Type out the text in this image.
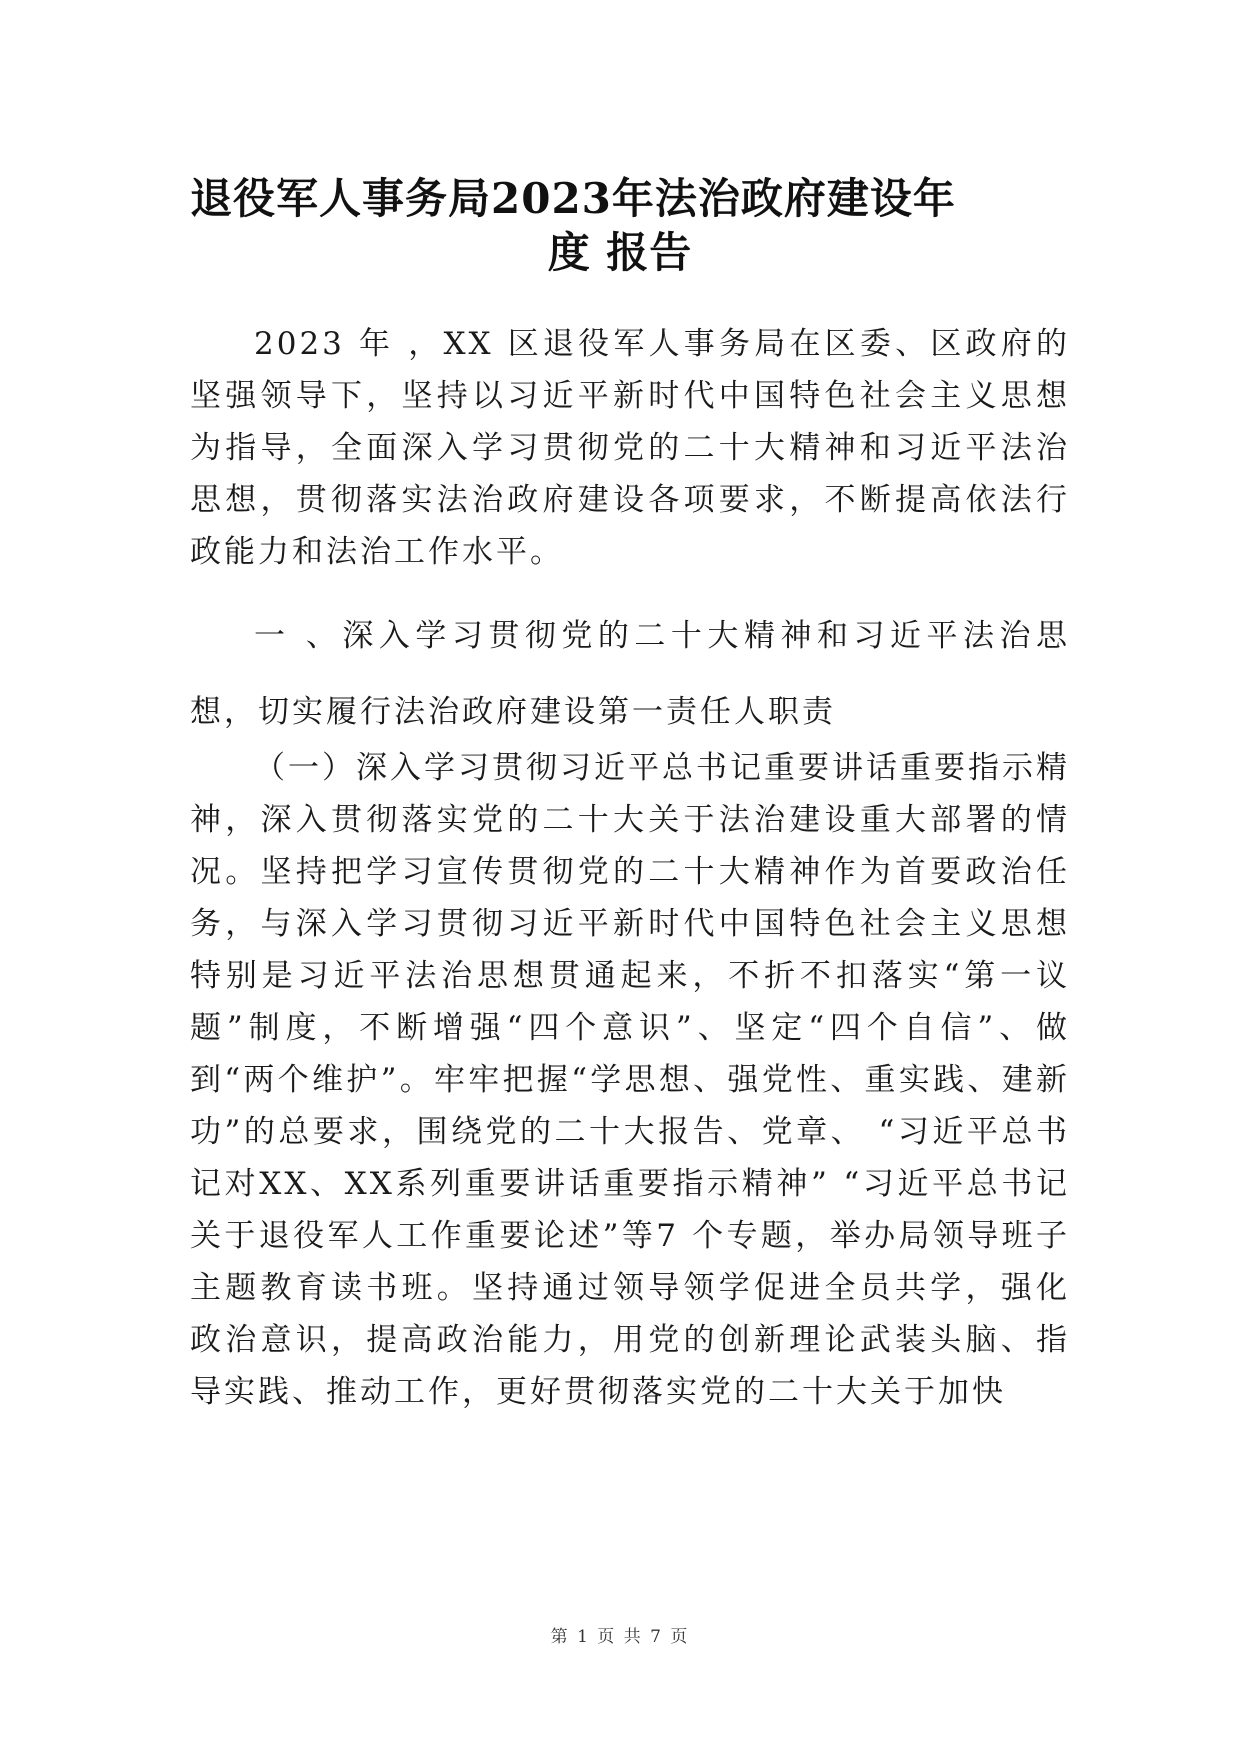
退役军人事务局2023年法治政府建设年
度 报告

2023 年 ，XX 区退役军人事务局在区委、区政府的坚强领导下，坚持以习近平新时代中国特色社会主义思想为指导，全面深入学习贯彻党的二十大精神和习近平法治思想，贯彻落实法治政府建设各项要求，不断提高依法行政能力和法治工作水平。

一 、深入学习贯彻党的二十大精神和习近平法治思想，切实履行法治政府建设第一责任人职责

（一）深入学习贯彻习近平总书记重要讲话重要指示精神，深入贯彻落实党的二十大关于法治建设重大部署的情况。坚持把学习宣传贯彻党的二十大精神作为首要政治任务，与深入学习贯彻习近平新时代中国特色社会主义思想特别是习近平法治思想贯通起来，不折不扣落实“第一议题”制度，不断增强“四个意识”、坚定“四个自信”、做到“两个维护”。牢牢把握“学思想、强党性、重实践、建新功”的总要求，围绕党的二十大报告、党章、 “习近平总书记对XX、XX系列重要讲话重要指示精神” “习近平总书记关于退役军人工作重要论述”等7 个专题，举办局领导班子主题教育读书班。坚持通过领导领学促进全员共学，强化政治意识，提高政治能力，用党的创新理论武装头脑、指导实践、推动工作，更好贯彻落实党的二十大关于加快

第 1 页 共 7 页
